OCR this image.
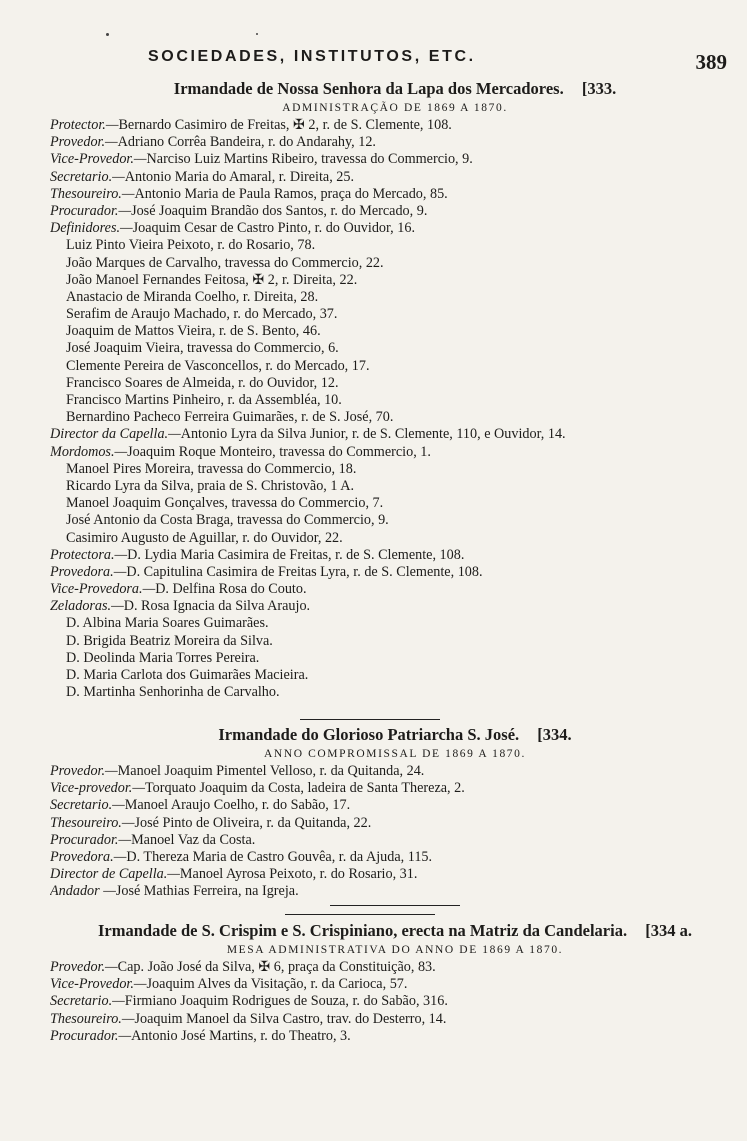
SOCIEDADES, INSTITUTOS, ETC.	389
Irmandade de Nossa Senhora da Lapa dos Mercadores. [333.
ADMINISTRAÇÃO DE 1869 A 1870.
Protector.—Bernardo Casimiro de Freitas, ✠ 2, r. de S. Clemente, 108.
Provedor.—Adriano Corrêa Bandeira, r. do Andarahy, 12.
Vice-Provedor.—Narciso Luiz Martins Ribeiro, travessa do Commercio, 9.
Secretario.—Antonio Maria do Amaral, r. Direita, 25.
Thesoureiro.—Antonio Maria de Paula Ramos, praça do Mercado, 85.
Procurador.—José Joaquim Brandão dos Santos, r. do Mercado, 9.
Definidores.—Joaquim Cesar de Castro Pinto, r. do Ouvidor, 16.
Luiz Pinto Vieira Peixoto, r. do Rosario, 78.
João Marques de Carvalho, travessa do Commercio, 22.
João Manoel Fernandes Feitosa, ✠ 2, r. Direita, 22.
Anastacio de Miranda Coelho, r. Direita, 28.
Serafim de Araujo Machado, r. do Mercado, 37.
Joaquim de Mattos Vieira, r. de S. Bento, 46.
José Joaquim Vieira, travessa do Commercio, 6.
Clemente Pereira de Vasconcellos, r. do Mercado, 17.
Francisco Soares de Almeida, r. do Ouvidor, 12.
Francisco Martins Pinheiro, r. da Assembléa, 10.
Bernardino Pacheco Ferreira Guimarães, r. de S. José, 70.
Director da Capella.—Antonio Lyra da Silva Junior, r. de S. Clemente, 110, e Ouvidor, 14.
Mordomos.—Joaquim Roque Monteiro, travessa do Commercio, 1.
Manoel Pires Moreira, travessa do Commercio, 18.
Ricardo Lyra da Silva, praia de S. Christovão, 1 A.
Manoel Joaquim Gonçalves, travessa do Commercio, 7.
José Antonio da Costa Braga, travessa do Commercio, 9.
Casimiro Augusto de Aguillar, r. do Ouvidor, 22.
Protectora.—D. Lydia Maria Casimira de Freitas, r. de S. Clemente, 108.
Provedora.—D. Capitulina Casimira de Freitas Lyra, r. de S. Clemente, 108.
Vice-Provedora.—D. Delfina Rosa do Couto.
Zeladoras.—D. Rosa Ignacia da Silva Araujo.
D. Albina Maria Soares Guimarães.
D. Brigida Beatriz Moreira da Silva.
D. Deolinda Maria Torres Pereira.
D. Maria Carlota dos Guimarães Macieira.
D. Martinha Senhorinha de Carvalho.
Irmandade do Glorioso Patriarcha S. José. [334.
ANNO COMPROMISSAL DE 1869 A 1870.
Provedor.—Manoel Joaquim Pimentel Velloso, r. da Quitanda, 24.
Vice-provedor.—Torquato Joaquim da Costa, ladeira de Santa Thereza, 2.
Secretario.—Manoel Araujo Coelho, r. do Sabão, 17.
Thesoureiro.—José Pinto de Oliveira, r. da Quitanda, 22.
Procurador.—Manoel Vaz da Costa.
Provedora.—D. Thereza Maria de Castro Gouvêa, r. da Ajuda, 115.
Director de Capella.—Manoel Ayrosa Peixoto, r. do Rosario, 31.
Andador —José Mathias Ferreira, na Igreja.
Irmandade de S. Crispim e S. Crispiniano, erecta na Matriz da Candelaria. [334 a.
MESA ADMINISTRATIVA DO ANNO DE 1869 A 1870.
Provedor.—Cap. João José da Silva, ✠ 6, praça da Constituição, 83.
Vice-Provedor.—Joaquim Alves da Visitação, r. da Carioca, 57.
Secretario.—Firmiano Joaquim Rodrigues de Souza, r. do Sabão, 316.
Thesoureiro.—Joaquim Manoel da Silva Castro, trav. do Desterro, 14.
Procurador.—Antonio José Martins, r. do Theatro, 3.
